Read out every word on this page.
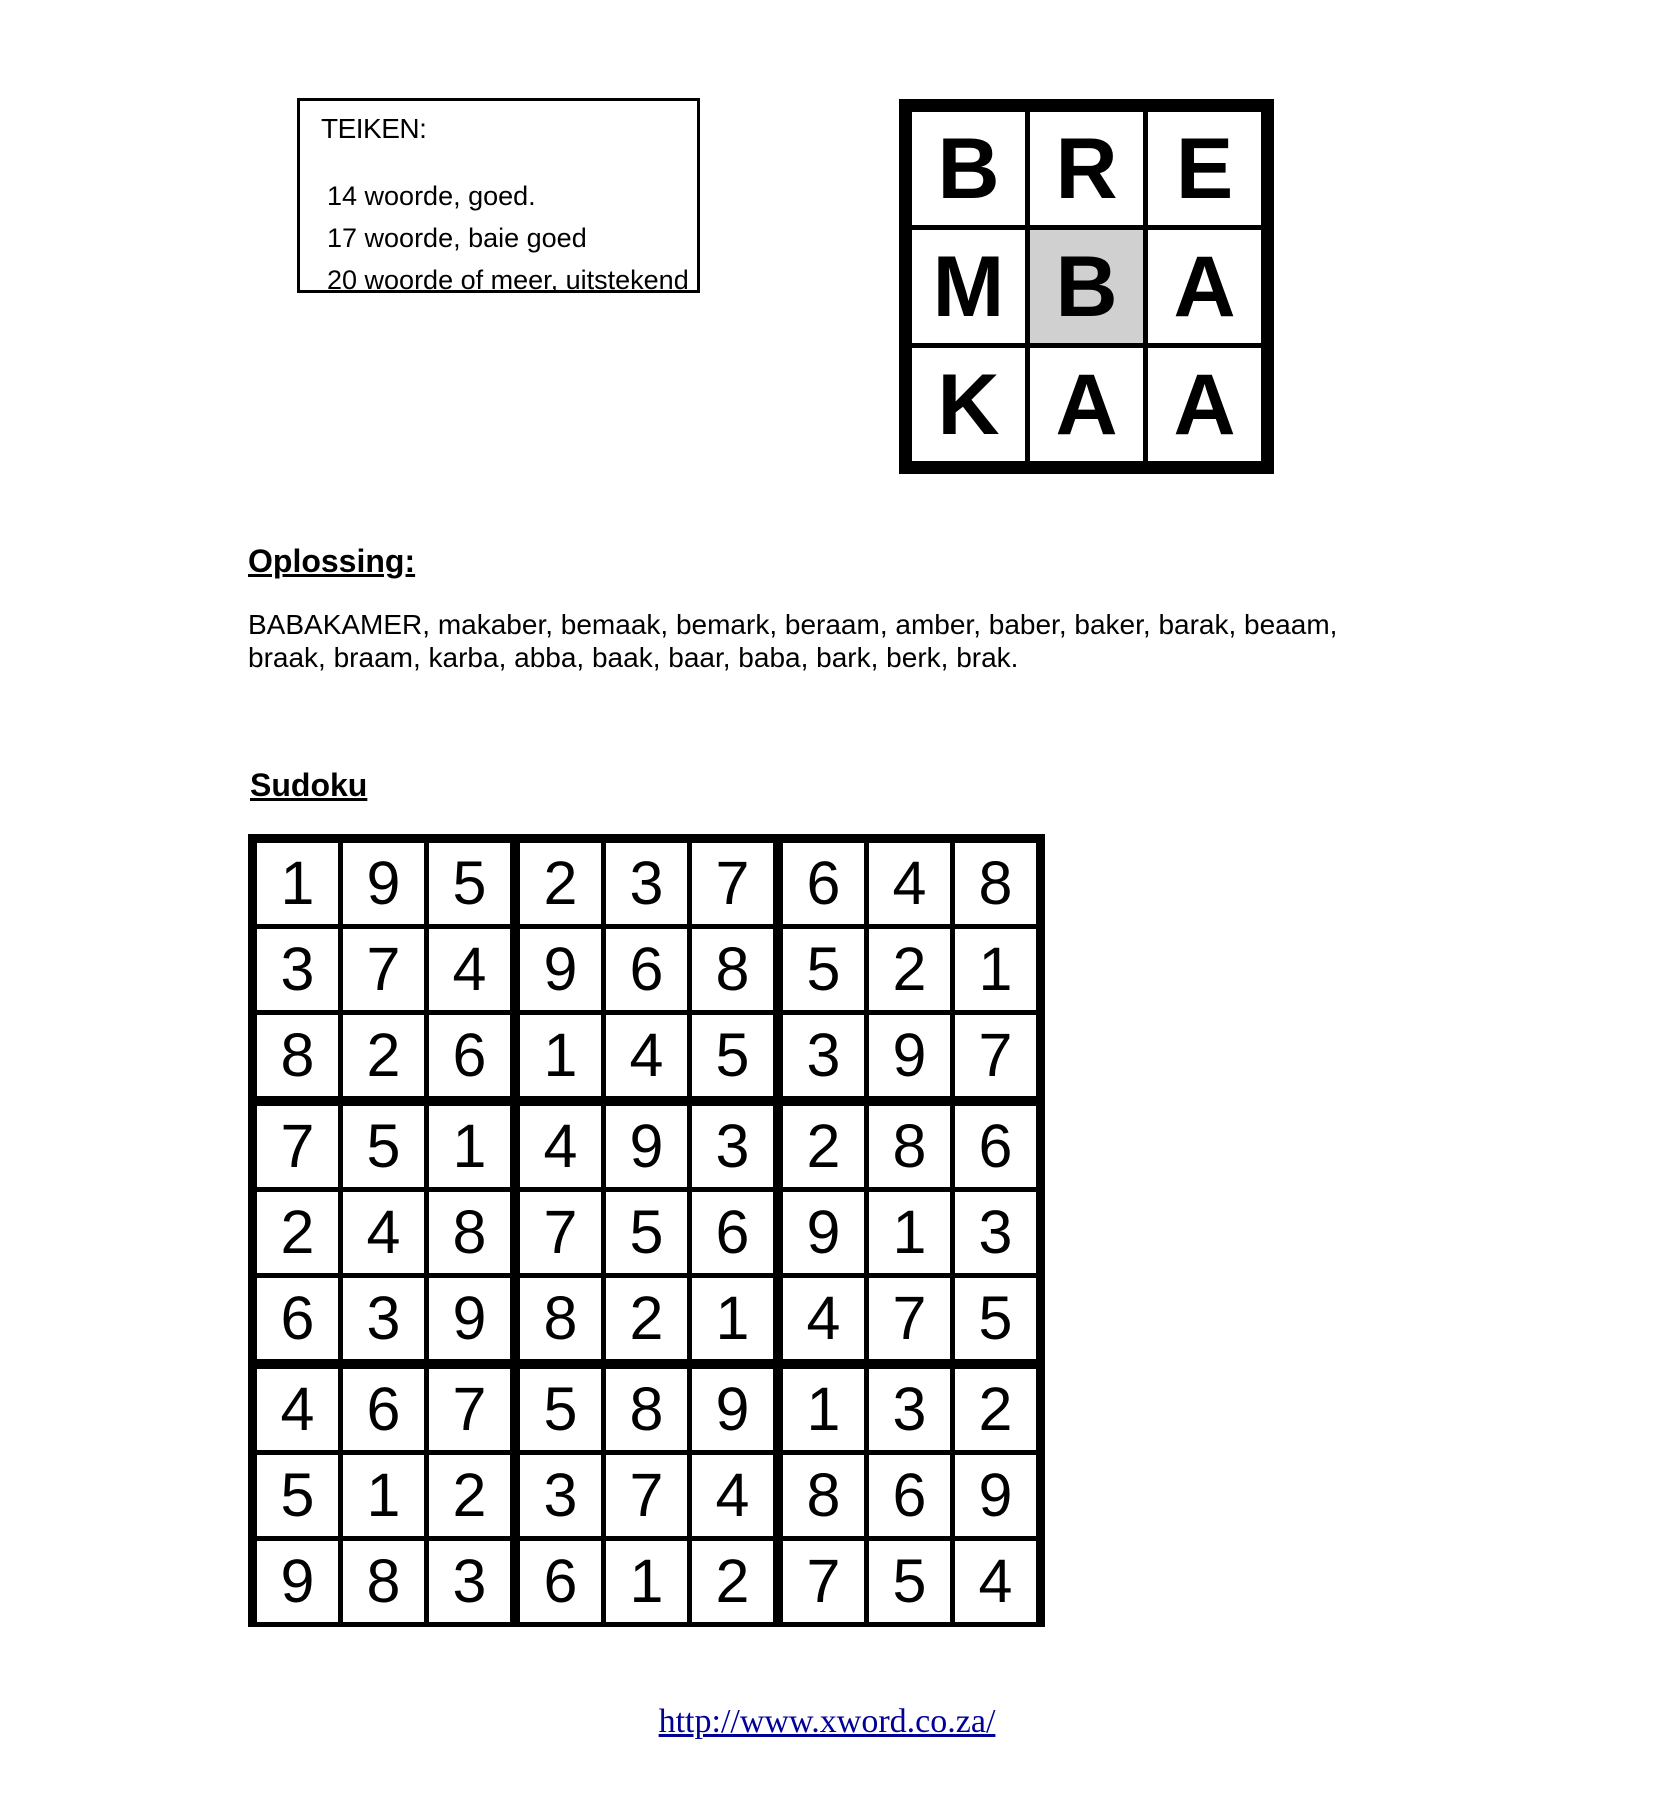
TEIKEN:
14 woorde, goed.
17 woorde, baie goed
20 woorde of meer, uitstekend
B R E
M B A
K A A
Oplossing:
BABAKAMER, makaber, bemaak, bemark, beraam, amber, baber, baker, barak, beaam,
braak, braam, karba, abba, baak, baar, baba, bark, berk, brak.
Sudoku
1 9 5
3 7 4
8 2 6
2 3 7
9 6 8
1 4 5
6 4 8
5 2 1
3 9 7
7 5 1
2 4 8
6 3 9
4 9 3
7 5 6
8 2 1
2 8 6
9 1 3
4 7 5
4 6 7
5 1 2
9 8 3
5 8 9
3 7 4
6 1 2
1 3 2
8 6 9
7 5 4
http://www.xword.co.za/
